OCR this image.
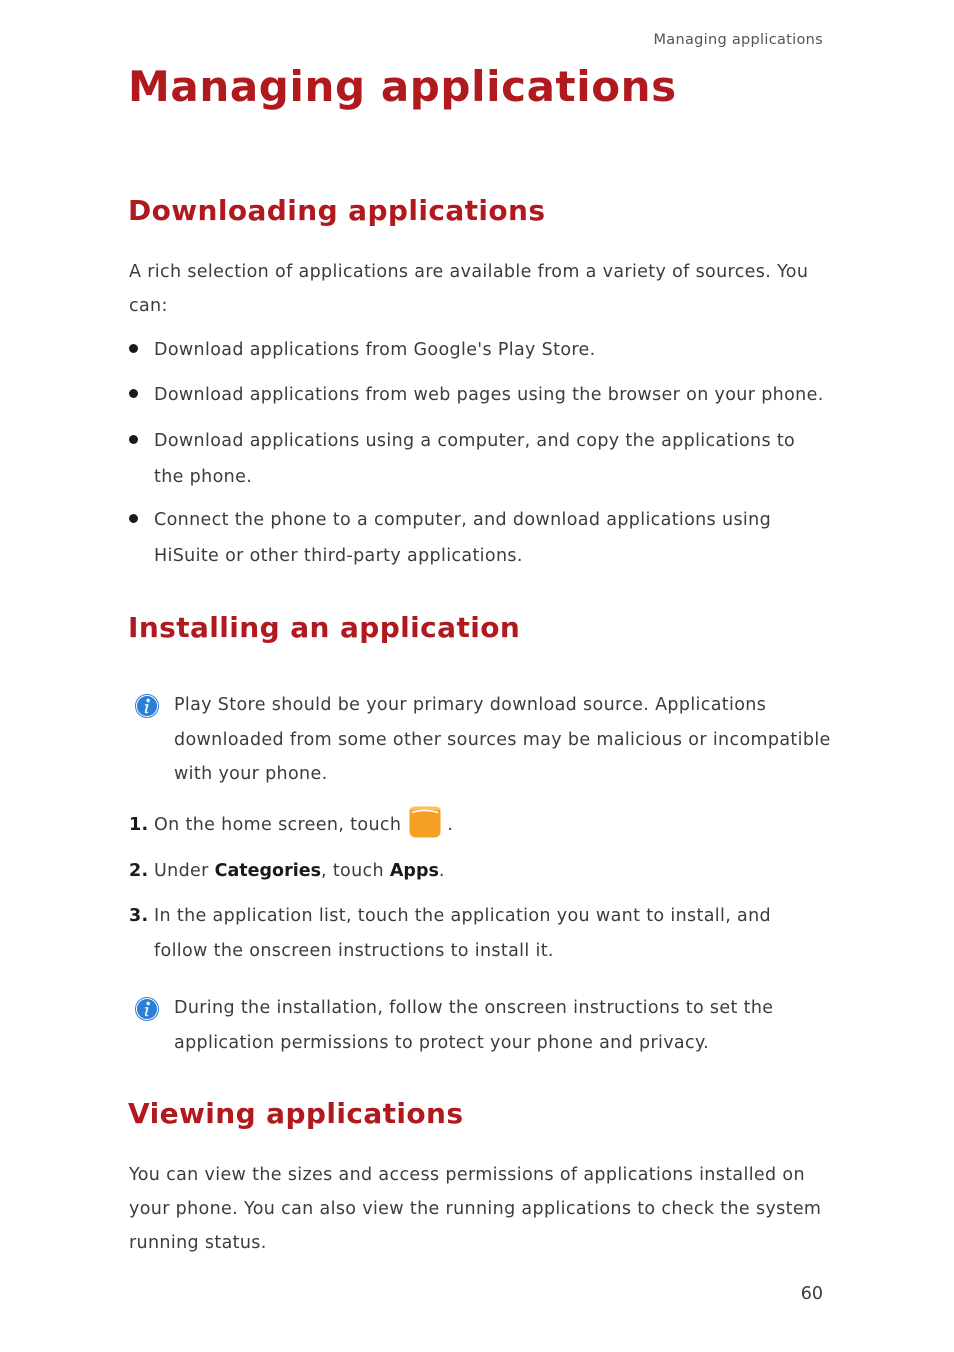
Managing applications
Managing applications
Downloading applications

A rich selection of applications are available from a variety of sources. You can:

Download applications from Google's Play Store.
Download applications from web pages using the browser on your phone.
Download applications using a computer, and copy the applications to the phone.
Connect the phone to a computer, and download applications using HiSuite or other third-party applications.
Installing an application
Play Store should be your primary download source. Applications downloaded from some other sources may be malicious or incompatible with your phone.
1. On the home screen, touch	.
2. Under Categories, touch Apps.
3. In the application list, touch the application you want to install, and follow the onscreen instructions to install it.
During the installation, follow the onscreen instructions to set the application permissions to protect your phone and privacy.
Viewing applications

You can view the sizes and access permissions of applications installed on your phone. You can also view the running applications to check the system running status.

60
